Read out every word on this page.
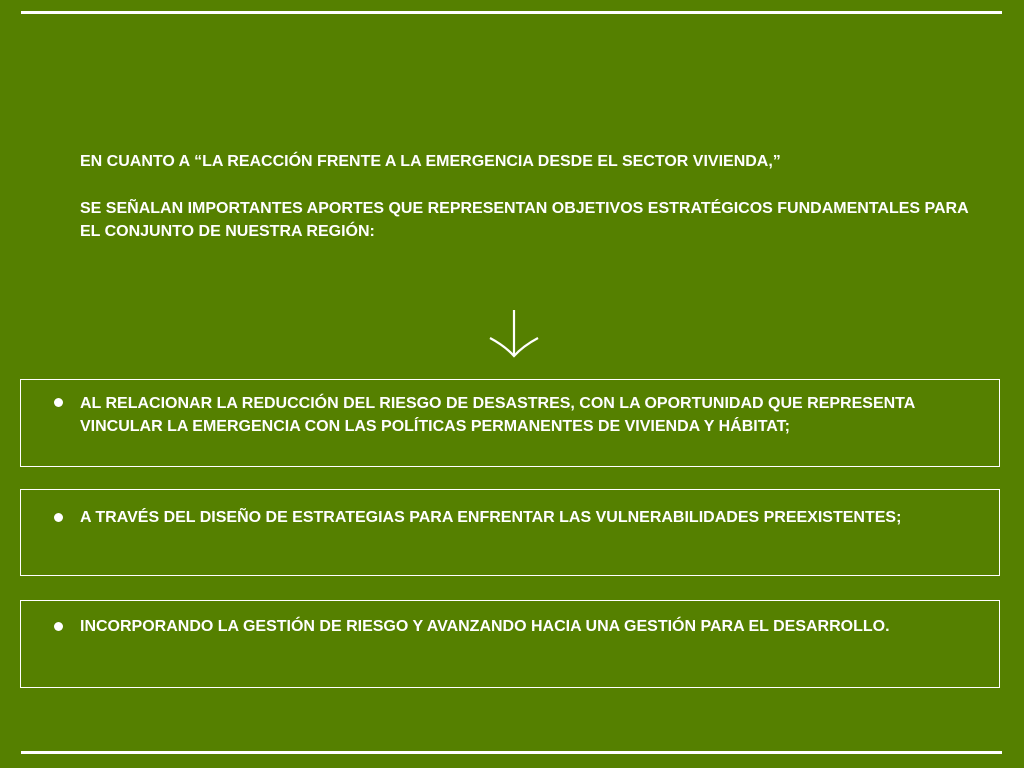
EN CUANTO A “LA REACCIÓN FRENTE A LA EMERGENCIA DESDE EL SECTOR VIVIENDA,”

SE SEÑALAN IMPORTANTES APORTES QUE REPRESENTAN OBJETIVOS ESTRATÉGICOS FUNDAMENTALES PARA EL CONJUNTO DE NUESTRA REGIÓN:

AL RELACIONAR LA REDUCCIÓN DEL RIESGO DE DESASTRES, CON LA OPORTUNIDAD QUE REPRESENTA VINCULAR LA EMERGENCIA CON LAS POLÍTICAS PERMANENTES DE VIVIENDA Y HÁBITAT;
A TRAVÉS DEL DISEÑO DE ESTRATEGIAS PARA ENFRENTAR LAS VULNERABILIDADES PREEXISTENTES;
INCORPORANDO LA GESTIÓN DE RIESGO Y AVANZANDO HACIA UNA GESTIÓN PARA EL DESARROLLO.
